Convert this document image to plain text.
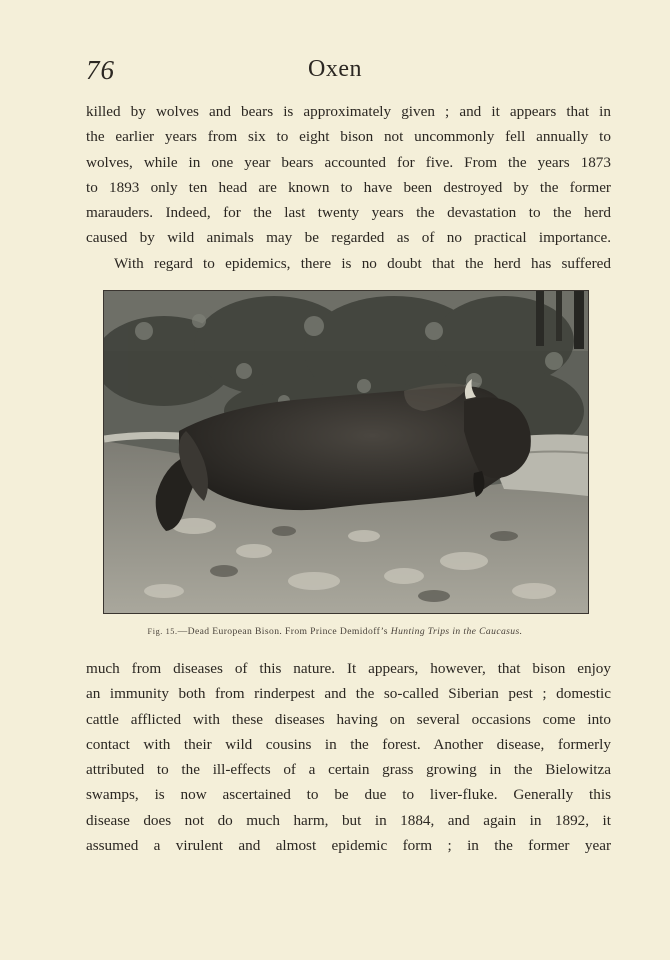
76	Oxen
killed by wolves and bears is approximately given ; and it appears that in
the earlier years from six to eight bison not uncommonly fell annually to
wolves, while in one year bears accounted for five. From the years 1873
to 1893 only ten head are known to have been destroyed by the former
marauders. Indeed, for the last twenty years the devastation to the herd
caused by wild animals may be regarded as of no practical importance.
With regard to epidemics, there is no doubt that the herd has suffered
Fig. 15.—Dead European Bison. From Prince Demidoff’s Hunting Trips in the Caucasus.
much from diseases of this nature. It appears, however, that bison enjoy
an immunity both from rinderpest and the so-called Siberian pest ; domestic
cattle afflicted with these diseases having on several occasions come into
contact with their wild cousins in the forest. Another disease, formerly
attributed to the ill-effects of a certain grass growing in the Bielowitza
swamps, is now ascertained to be due to liver-fluke. Generally this
disease does not do much harm, but in 1884, and again in 1892, it
assumed a virulent and almost epidemic form ; in the former year
